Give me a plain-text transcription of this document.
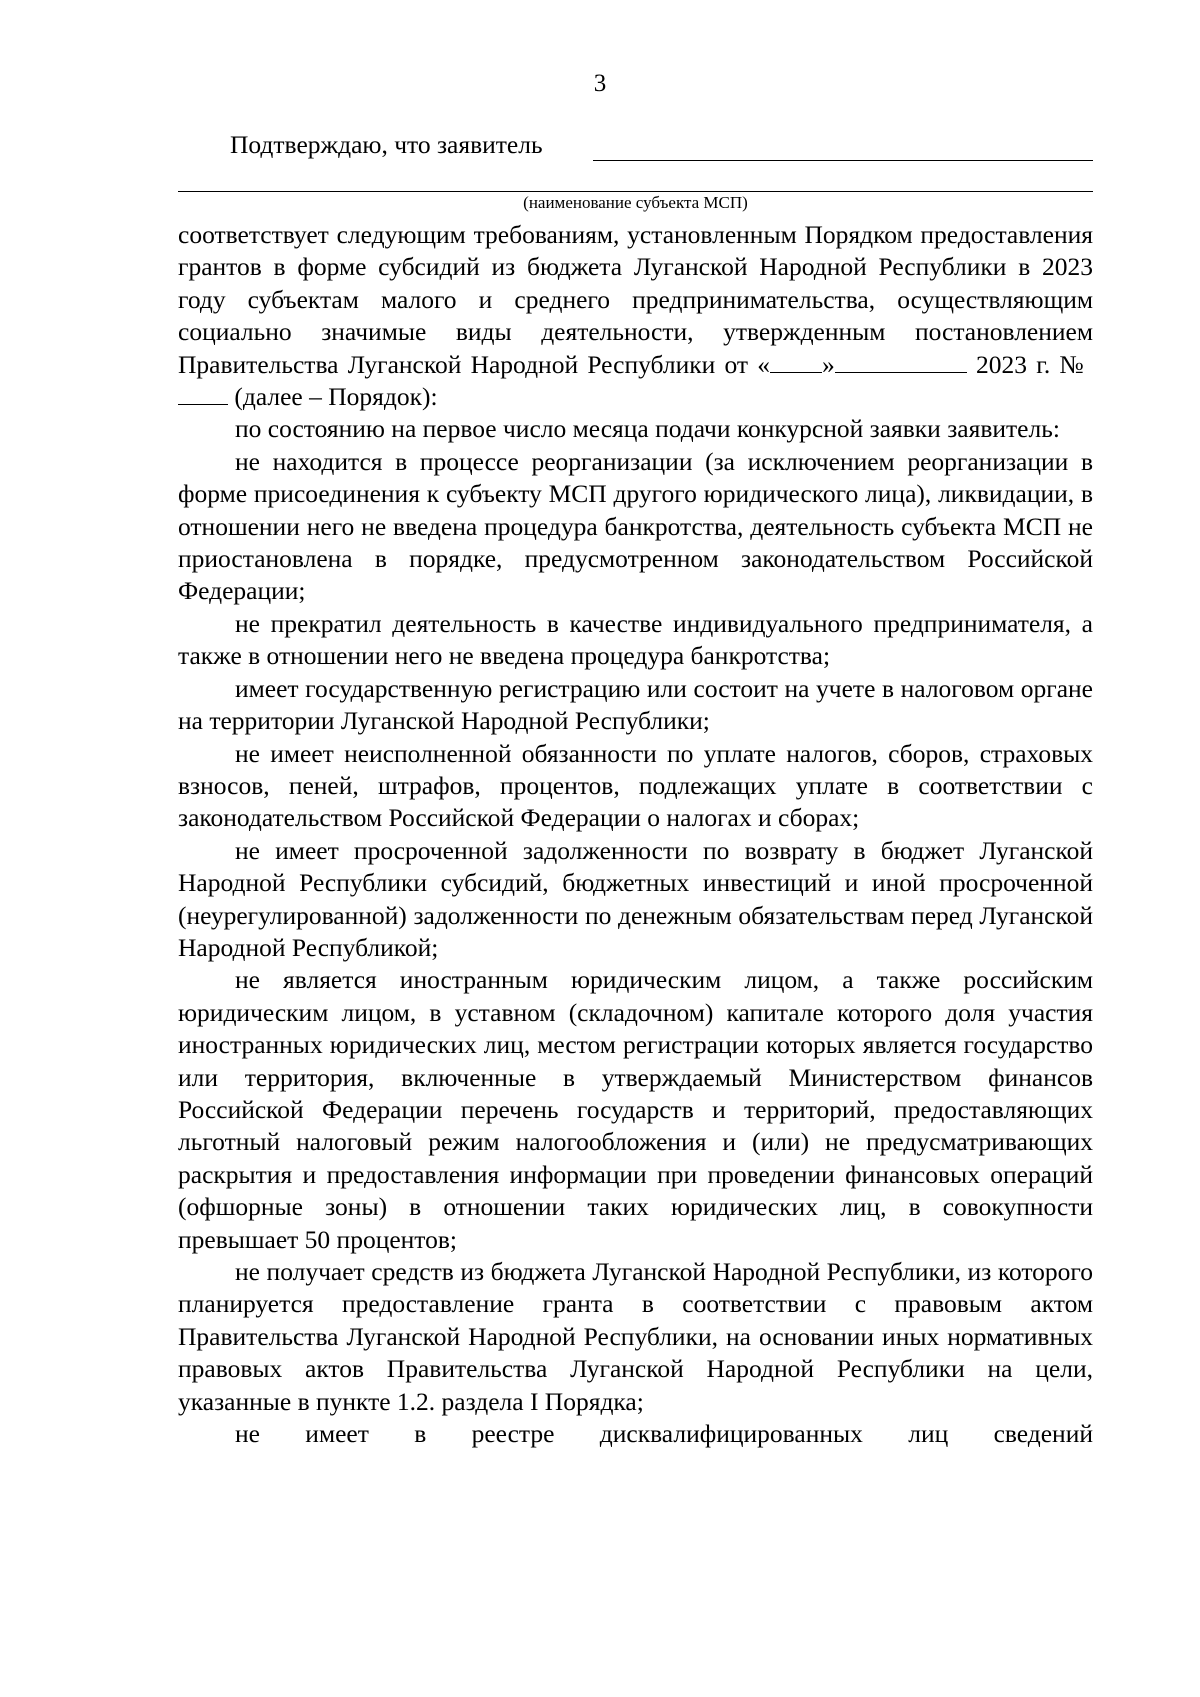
3
Подтверждаю, что заявитель
(наименование субъекта МСП)

соответствует следующим требованиям, установленным Порядком предоставления грантов в форме субсидий из бюджета Луганской Народной Республики в 2023 году субъектам малого и среднего предпринимательства, осуществляющим социально значимые виды деятельности, утвержденным постановлением Правительства Луганской Народной Республики от « »	2023 г. №  (далее – Порядок):

по состоянию на первое число месяца подачи конкурсной заявки заявитель:

не находится в процессе реорганизации (за исключением реорганизации в форме присоединения к субъекту МСП другого юридического лица), ликвидации, в отношении него не введена процедура банкротства, деятельность субъекта МСП не приостановлена в порядке, предусмотренном законодательством Российской Федерации;

не прекратил деятельность в качестве индивидуального предпринимателя, а также в отношении него не введена процедура банкротства;

имеет государственную регистрацию или состоит на учете в налоговом органе на территории Луганской Народной Республики;

не имеет неисполненной обязанности по уплате налогов, сборов, страховых взносов, пеней, штрафов, процентов, подлежащих уплате в соответствии с законодательством Российской Федерации о налогах и сборах;

не имеет просроченной задолженности по возврату в бюджет Луганской Народной Республики субсидий, бюджетных инвестиций и иной просроченной (неурегулированной) задолженности по денежным обязательствам перед Луганской Народной Республикой;

не является иностранным юридическим лицом, а также российским юридическим лицом, в уставном (складочном) капитале которого доля участия иностранных юридических лиц, местом регистрации которых является государство или территория, включенные в утверждаемый Министерством финансов Российской Федерации перечень государств и территорий, предоставляющих льготный налоговый режим налогообложения и (или) не предусматривающих раскрытия и предоставления информации при проведении финансовых операций (офшорные зоны) в отношении таких юридических лиц, в совокупности превышает 50 процентов;

не получает средств из бюджета Луганской Народной Республики, из которого планируется предоставление гранта в соответствии с правовым актом Правительства Луганской Народной Республики, на основании иных нормативных правовых актов Правительства Луганской Народной Республики на цели, указанные в пункте 1.2. раздела I Порядка;

не имеет в реестре дисквалифицированных лиц сведений
